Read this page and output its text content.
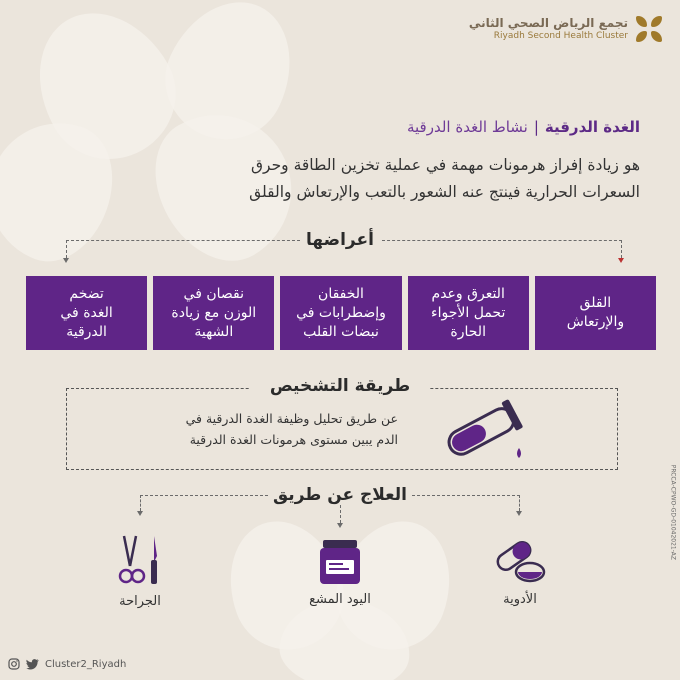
تجمع الرياض الصحي الثاني
Riyadh Second Health Cluster
الغدة الدرقية|نشاط الغدة الدرقية
هو زيادة إفراز هرمونات مهمة في عملية تخزين الطاقة وحرق
السعرات الحرارية فينتج عنه الشعور بالتعب والإرتعاش والقلق
أعراضها
القلق
والإرتعاش
التعرق وعدم
تحمل الأجواء
الحارة
الخفقان
وإضطرابات في
نبضات القلب
نقصان في
الوزن مع زيادة
الشهية
تضخم
الغدة في
الدرقية
طريقة التشخيص
عن طريق تحليل وظيفة الغدة الدرقية في
الدم يبين مستوى هرمونات الغدة الدرقية
العلاج عن طريق
الأدوية
اليود المشع
الجراحة
PRCCA-CPWO-GD-01042021-AZ
Cluster2_Riyadh
